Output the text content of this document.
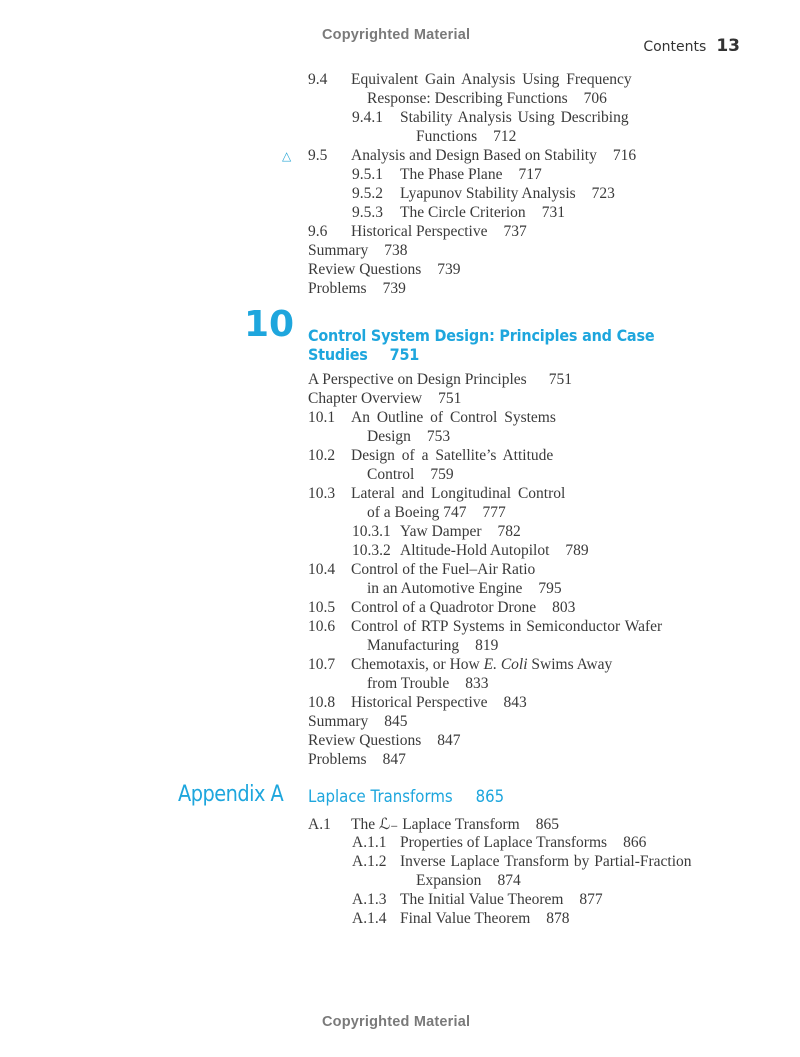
Copyrighted Material
Contents 13
9.4 Equivalent Gain Analysis Using Frequency
Response: Describing Functions 706
9.4.1 Stability Analysis Using Describing
Functions 712
△ 9.5 Analysis and Design Based on Stability 716
9.5.1 The Phase Plane 717
9.5.2 Lyapunov Stability Analysis 723
9.5.3 The Circle Criterion 731
9.6 Historical Perspective 737
Summary 738
Review Questions 739
Problems 739
10 Control System Design: Principles and Case
Studies 751
A Perspective on Design Principles 751
Chapter Overview 751
10.1 An Outline of Control Systems
Design 753
10.2 Design of a Satellite’s Attitude
Control 759
10.3 Lateral and Longitudinal Control
of a Boeing 747 777
10.3.1 Yaw Damper 782
10.3.2 Altitude-Hold Autopilot 789
10.4 Control of the Fuel–Air Ratio
in an Automotive Engine 795
10.5 Control of a Quadrotor Drone 803
10.6 Control of RTP Systems in Semiconductor Wafer
Manufacturing 819
10.7 Chemotaxis, or How E. Coli Swims Away
from Trouble 833
10.8 Historical Perspective 843
Summary 845
Review Questions 847
Problems 847
Appendix A Laplace Transforms 865
A.1 The ℒ₋ Laplace Transform 865
A.1.1 Properties of Laplace Transforms 866
A.1.2 Inverse Laplace Transform by Partial-Fraction
Expansion 874
A.1.3 The Initial Value Theorem 877
A.1.4 Final Value Theorem 878
Copyrighted Material
